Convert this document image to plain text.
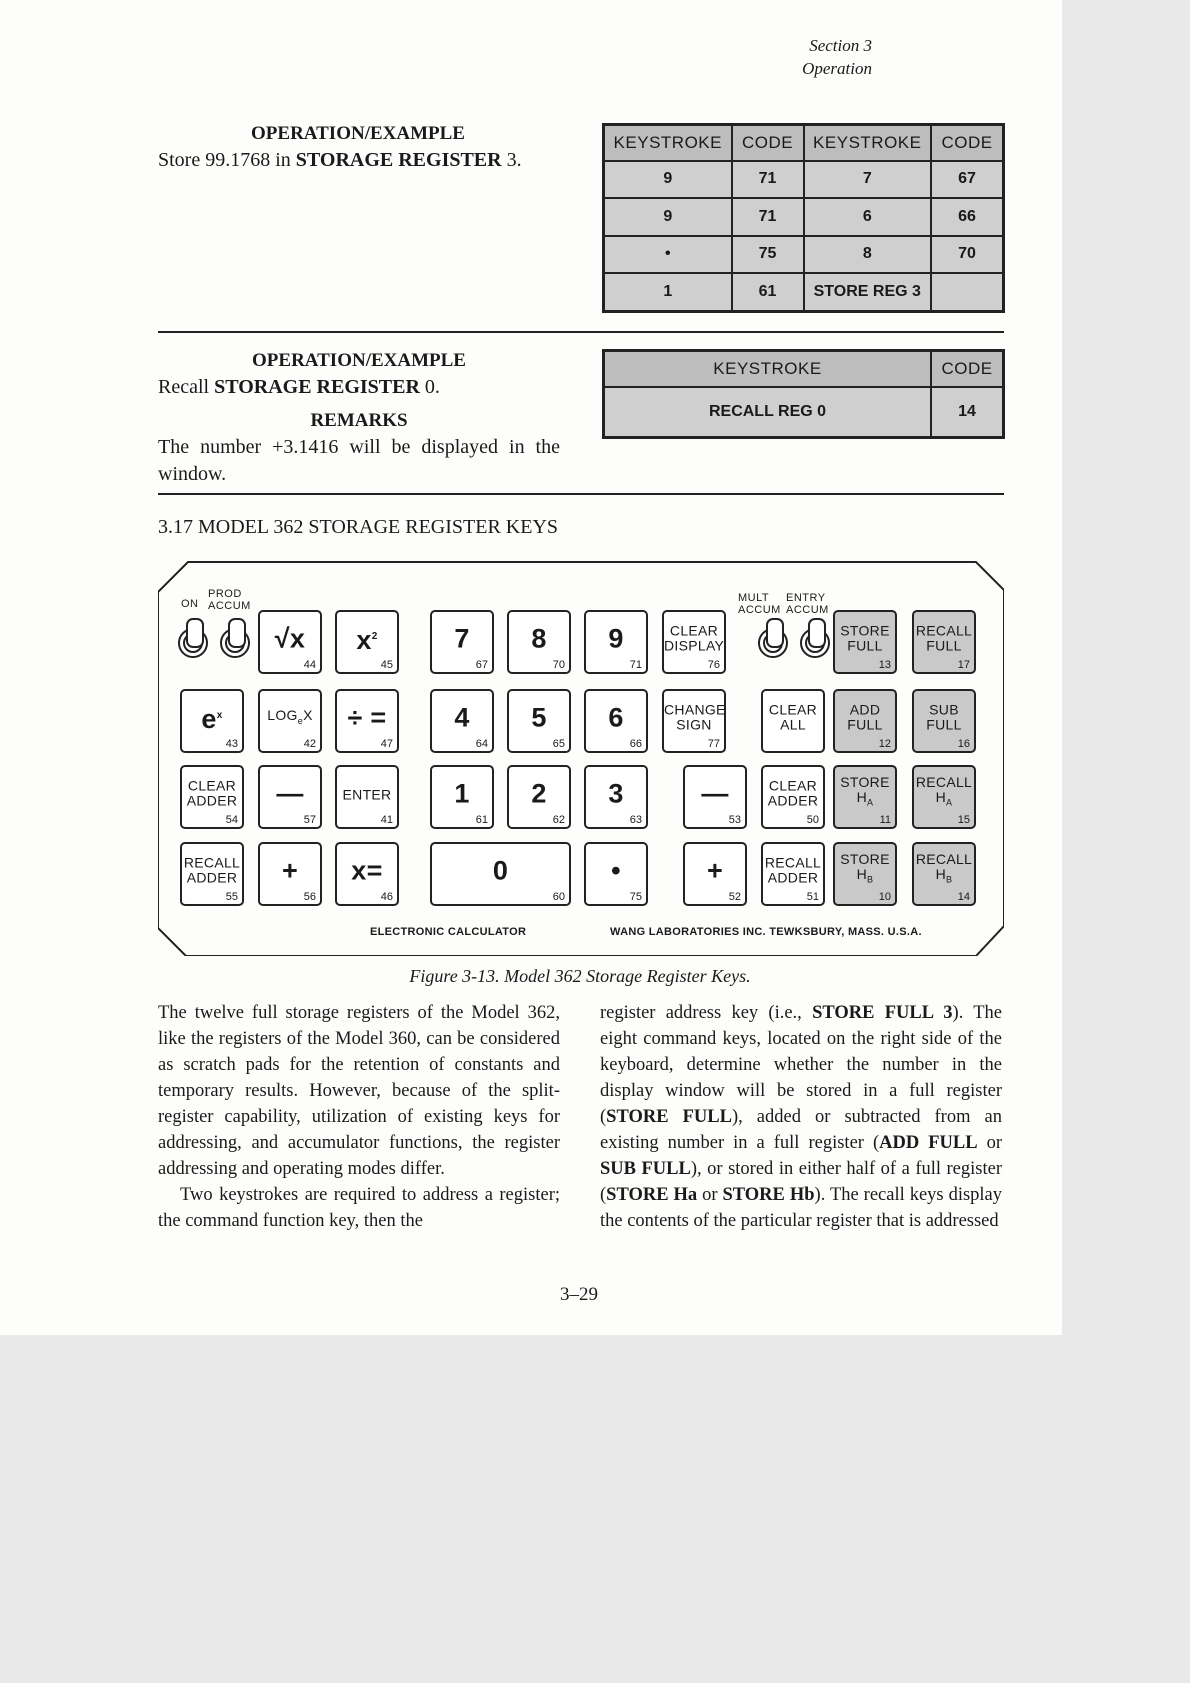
Section 3
Operation
OPERATION/EXAMPLE
Store 99.1768 in STORAGE REGISTER 3.
KEYSTROKE	CODE	KEYSTROKE	CODE
9	71	7	67
9	71	6	66
•	75	8	70
1	61	STORE REG 3	
OPERATION/EXAMPLE
Recall STORAGE REGISTER 0.
REMARKS
The number +3.1416 will be displayed in the window.
KEYSTROKE	CODE
RECALL REG 0	14
3.17 MODEL 362 STORAGE REGISTER KEYS
ON
PROD
ACCUM
MULT
ACCUM
ENTRY
ACCUM
ELECTRONIC CALCULATOR	WANG LABORATORIES INC. TEWKSBURY, MASS. U.S.A.
√x
44
$x^2$
45
7
67
8
70
9
71
CLEAR
DISPLAY
76
STORE
FULL
13
RECALL
FULL
17
$e^x$
43
$LOG_eX$
42
÷ =
47
4
64
5
65
6
66
CHANGE
SIGN
77
CLEAR
ALL
ADD
FULL
12
SUB
FULL
16
CLEAR
ADDER
54
—
57
ENTER
41
1
61
2
62
3
63
—
53
CLEAR
ADDER
50
STORE
$H_A$
11
RECALL
$H_A$
15
RECALL
ADDER
55
+
56
x=
46
0
60
•
75
+
52
RECALL
ADDER
51
STORE
$H_B$
10
RECALL
$H_B$
14
Figure 3-13. Model 362 Storage Register Keys.

The twelve full storage registers of the Model 362, like the registers of the Model 360, can be considered as scratch pads for the retention of constants and temporary results. However, because of the split-register capability, utilization of existing keys for addressing, and accumulator functions, the register addressing and operating modes differ.

Two keystrokes are required to address a register; the command function key, then the

register address key (i.e., STORE FULL 3). The eight command keys, located on the right side of the keyboard, determine whether the number in the display window will be stored in a full register (STORE FULL), added or subtracted from an existing number in a full register (ADD FULL or SUB FULL), or stored in either half of a full register (STORE Ha or STORE Hb). The recall keys display the contents of the particular register that is addressed

3–29
